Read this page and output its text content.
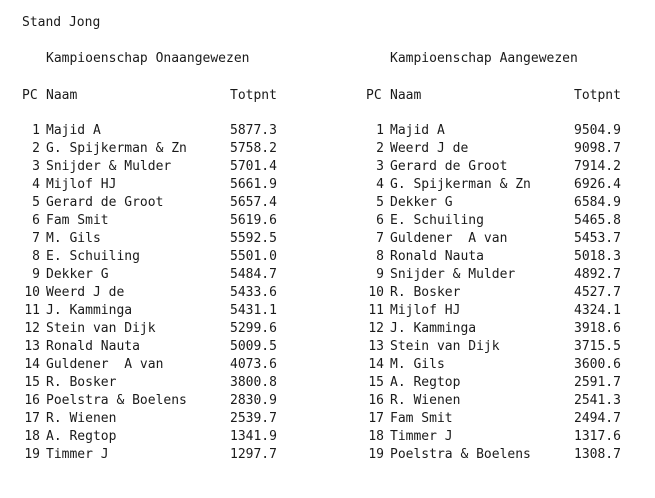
Stand Jong
Kampioenschap Onaangewezen
PC Naam	Totpnt
1 Majid A	5877.3
2 G. Spijkerman & Zn	5758.2
3 Snijder & Mulder	5701.4
4 Mijlof HJ	5661.9
5 Gerard de Groot	5657.4
6 Fam Smit	5619.6
7 M. Gils	5592.5
8 E. Schuiling	5501.0
9 Dekker G	5484.7
10 Weerd J de	5433.6
11 J. Kamminga	5431.1
12 Stein van Dijk	5299.6
13 Ronald Nauta	5009.5
14 Guldener  A van	4073.6
15 R. Bosker	3800.8
16 Poelstra & Boelens	2830.9
17 R. Wienen	2539.7
18 A. Regtop	1341.9
19 Timmer J	1297.7
Kampioenschap Aangewezen
PC Naam	Totpnt
1 Majid A	9504.9
2 Weerd J de	9098.7
3 Gerard de Groot	7914.2
4 G. Spijkerman & Zn	6926.4
5 Dekker G	6584.9
6 E. Schuiling	5465.8
7 Guldener  A van	5453.7
8 Ronald Nauta	5018.3
9 Snijder & Mulder	4892.7
10 R. Bosker	4527.7
11 Mijlof HJ	4324.1
12 J. Kamminga	3918.6
13 Stein van Dijk	3715.5
14 M. Gils	3600.6
15 A. Regtop	2591.7
16 R. Wienen	2541.3
17 Fam Smit	2494.7
18 Timmer J	1317.6
19 Poelstra & Boelens	1308.7
